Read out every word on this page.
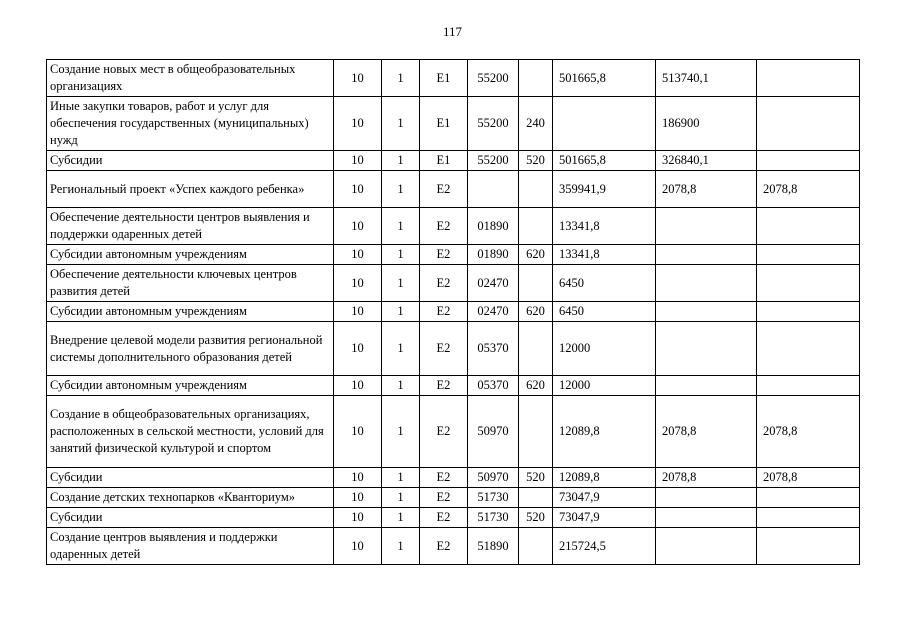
117
Создание новых мест в общеобразовательных организациях	10	1	E1	55200		501665,8	513740,1	
Иные закупки товаров, работ и услуг для обеспечения государственных (муниципальных) нужд	10	1	E1	55200	240		186900	
Субсидии	10	1	E1	55200	520	501665,8	326840,1	
Региональный проект «Успех каждого ребенка»	10	1	E2			359941,9	2078,8	2078,8
Обеспечение деятельности центров выявления и поддержки одаренных детей	10	1	E2	01890		13341,8		
Субсидии автономным учреждениям	10	1	E2	01890	620	13341,8		
Обеспечение деятельности ключевых центров развития детей	10	1	E2	02470		6450		
Субсидии автономным учреждениям	10	1	E2	02470	620	6450		
Внедрение целевой модели развития региональной системы дополнительного образования детей	10	1	E2	05370		12000		
Субсидии автономным учреждениям	10	1	E2	05370	620	12000		
Создание в общеобразовательных организациях, расположенных в сельской местности, условий для занятий физической культурой и спортом	10	1	E2	50970		12089,8	2078,8	2078,8
Субсидии	10	1	E2	50970	520	12089,8	2078,8	2078,8
Создание детских технопарков «Кванториум»	10	1	E2	51730		73047,9		
Субсидии	10	1	E2	51730	520	73047,9		
Создание центров выявления и поддержки одаренных детей	10	1	E2	51890		215724,5		
